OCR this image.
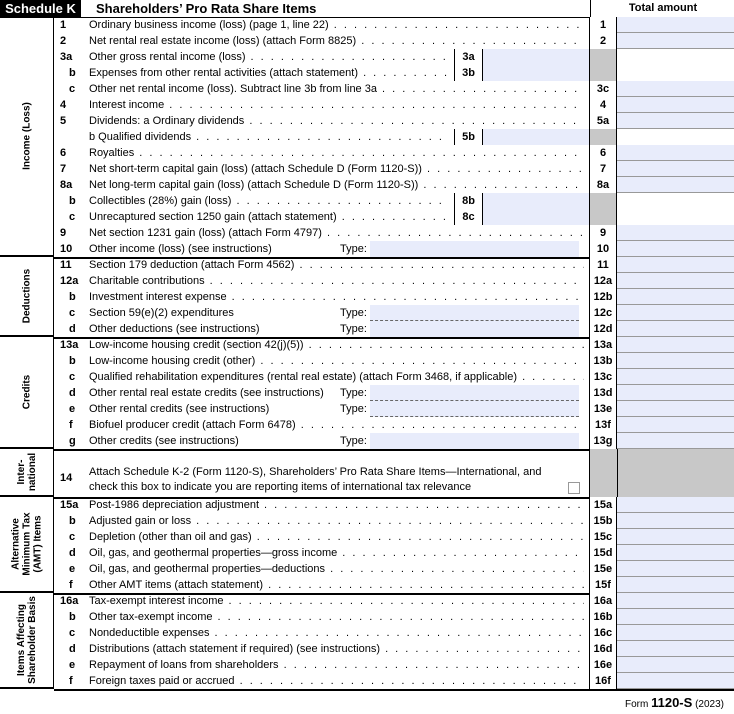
Schedule K	Shareholders’ Pro Rata Share Items	Total amount
Income (Loss)
Deductions
Credits
Inter-
national
Alternative
Minimum Tax
(AMT) Items
Items Affecting
Shareholder Basis
1 Ordinary business income (loss) (page 1, line 22) . . .	1
2 Net rental real estate income (loss) (attach Form 8825) . . .	2
3a Other gross rental income (loss) . . .	3a
b Expenses from other rental activities (attach statement) . . .	3b
c Other net rental income (loss). Subtract line 3b from line 3a . . .	3c
4 Interest income . . .	4
5 Dividends: a Ordinary dividends . . .	5a
b Qualified dividends . . .	5b
6 Royalties . . .	6
7 Net short-term capital gain (loss) (attach Schedule D (Form 1120-S)) . . .	7
8a Net long-term capital gain (loss) (attach Schedule D (Form 1120-S)) . . .	8a
b Collectibles (28%) gain (loss) . . .	8b
c Unrecaptured section 1250 gain (attach statement) . . .	8c
9 Net section 1231 gain (loss) (attach Form 4797) . . .	9
10 Other income (loss) (see instructions)	Type:	10
11 Section 179 deduction (attach Form 4562) . . .	11
12a Charitable contributions . . .	12a
b Investment interest expense . . .	12b
c Section 59(e)(2) expenditures	Type:	12c
d Other deductions (see instructions)	Type:	12d
13a Low-income housing credit (section 42(j)(5)) . . .	13a
b Low-income housing credit (other) . . .	13b
c Qualified rehabilitation expenditures (rental real estate) (attach Form 3468, if applicable) . . .	13c
d Other rental real estate credits (see instructions)	Type:	13d
e Other rental credits (see instructions)	Type:	13e
f Biofuel producer credit (attach Form 6478) . . .	13f
g Other credits (see instructions)	Type:	13g
14 Attach Schedule K-2 (Form 1120-S), Shareholders’ Pro Rata Share Items—International, and
check this box to indicate you are reporting items of international tax relevance
15a Post-1986 depreciation adjustment . . .	15a
b Adjusted gain or loss . . .	15b
c Depletion (other than oil and gas) . . .	15c
d Oil, gas, and geothermal properties—gross income . . .	15d
e Oil, gas, and geothermal properties—deductions . . .	15e
f Other AMT items (attach statement) . . .	15f
16a Tax-exempt interest income . . .	16a
b Other tax-exempt income . . .	16b
c Nondeductible expenses . . .	16c
d Distributions (attach statement if required) (see instructions) . . .	16d
e Repayment of loans from shareholders . . .	16e
f Foreign taxes paid or accrued . . .	16f
Form 1120-S (2023)
